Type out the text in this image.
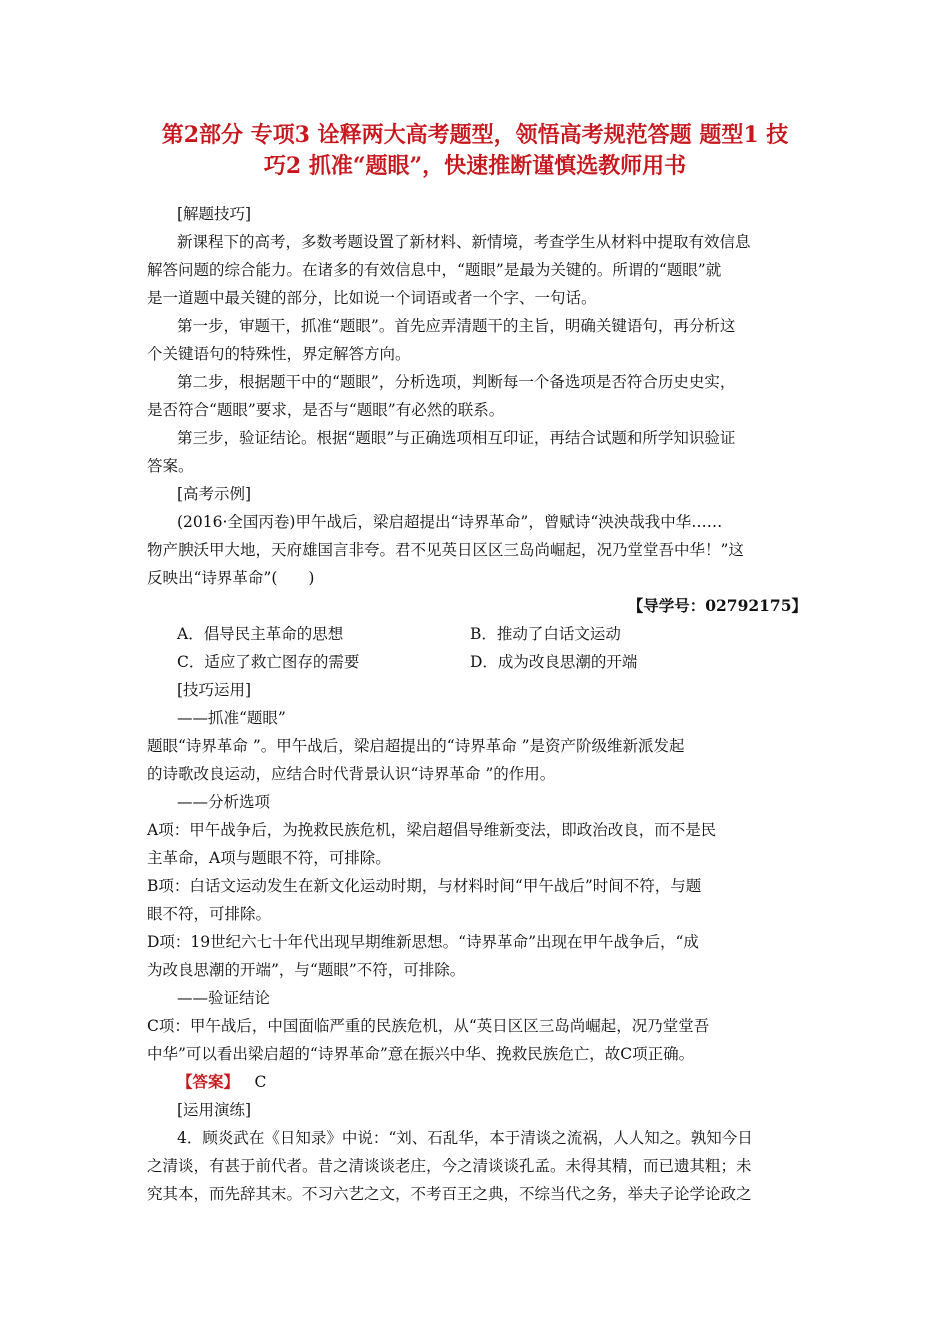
第2部分 专项3 诠释两大高考题型，领悟高考规范答题 题型1 技
巧2 抓准“题眼”，快速推断谨慎选教师用书

[解题技巧]

新课程下的高考，多数考题设置了新材料、新情境，考查学生从材料中提取有效信息

解答问题的综合能力。在诸多的有效信息中，“题眼”是最为关键的。所谓的“题眼”就

是一道题中最关键的部分，比如说一个词语或者一个字、一句话。

第一步，审题干，抓准“题眼”。首先应弄清题干的主旨，明确关键语句，再分析这

个关键语句的特殊性，界定解答方向。

第二步，根据题干中的“题眼”，分析选项，判断每一个备选项是否符合历史史实，

是否符合“题眼”要求，是否与“题眼”有必然的联系。

第三步，验证结论。根据“题眼”与正确选项相互印证，再结合试题和所学知识验证

答案。

[高考示例]

(2016·全国丙卷)甲午战后，梁启超提出“诗界革命”，曾赋诗“泱泱哉我中华……

物产腴沃甲大地，天府雄国言非夸。君不见英日区区三岛尚崛起，况乃堂堂吾中华！”这

反映出“诗界革命”(　　)

【导学号：02792175】
A．倡导民主革命的思想	B．推动了白话文运动
C．适应了救亡图存的需要	D．成为改良思潮的开端

[技巧运用]

——抓准“题眼”

题眼“诗界革命 ”。甲午战后，梁启超提出的“诗界革命 ”是资产阶级维新派发起

的诗歌改良运动，应结合时代背景认识“诗界革命 ”的作用。

——分析选项

A项：甲午战争后，为挽救民族危机，梁启超倡导维新变法，即政治改良，而不是民

主革命，A项与题眼不符，可排除。

B项：白话文运动发生在新文化运动时期，与材料时间“甲午战后”时间不符，与题

眼不符，可排除。

D项：19世纪六七十年代出现早期维新思想。“诗界革命”出现在甲午战争后，“成

为改良思潮的开端”，与“题眼”不符，可排除。

——验证结论

C项：甲午战后，中国面临严重的民族危机，从“英日区区三岛尚崛起，况乃堂堂吾

中华”可以看出梁启超的“诗界革命”意在振兴中华、挽救民族危亡，故C项正确。

【答案】  C

[运用演练]

4．顾炎武在《日知录》中说：“刘、石乱华，本于清谈之流祸，人人知之。孰知今日

之清谈，有甚于前代者。昔之清谈谈老庄，今之清谈谈孔孟。未得其精，而已遗其粗；未

究其本，而先辞其末。不习六艺之文，不考百王之典，不综当代之务，举夫子论学论政之
